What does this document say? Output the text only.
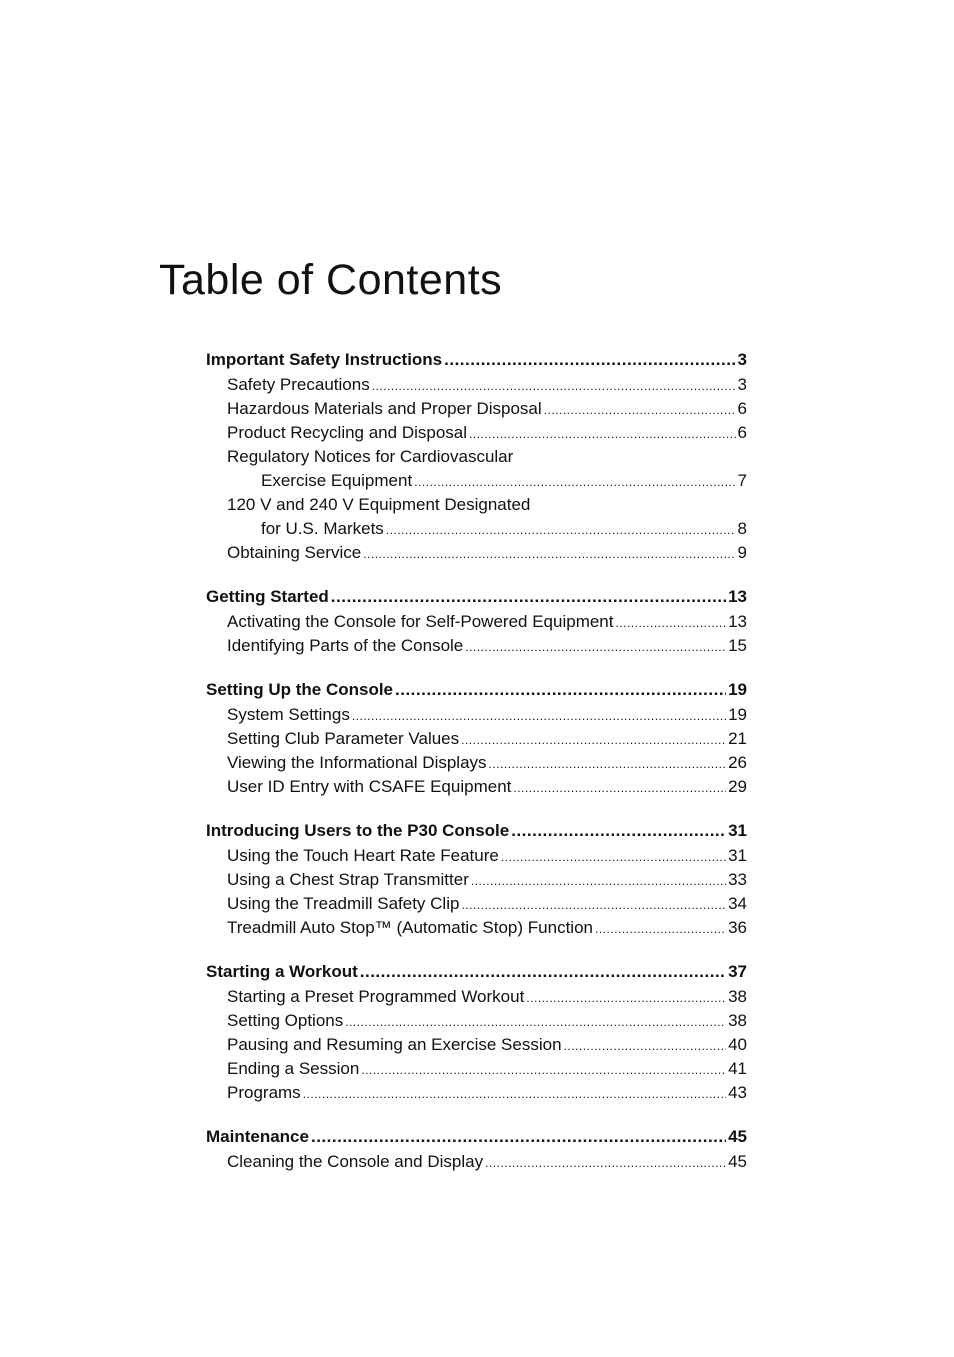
Table of Contents
Important Safety Instructions .....	3
Safety Precautions .....	3
Hazardous Materials and Proper Disposal .....	6
Product Recycling and Disposal .....	6
Regulatory Notices for Cardiovascular
Exercise Equipment .....	7
120 V and 240 V Equipment Designated
for U.S. Markets .....	8
Obtaining Service .....	9
Getting Started .....	13
Activating the Console for Self-Powered Equipment .....	13
Identifying Parts of the Console .....	15
Setting Up the Console .....	19
System Settings .....	19
Setting Club Parameter Values .....	21
Viewing the Informational Displays .....	26
User ID Entry with CSAFE Equipment .....	29
Introducing Users to the P30 Console .....	31
Using the Touch Heart Rate Feature .....	31
Using a Chest Strap Transmitter .....	33
Using the Treadmill Safety Clip .....	34
Treadmill Auto Stop™ (Automatic Stop) Function .....	36
Starting a Workout .....	37
Starting a Preset Programmed Workout .....	38
Setting Options .....	38
Pausing and Resuming an Exercise Session .....	40
Ending a Session .....	41
Programs .....	43
Maintenance .....	45
Cleaning the Console and Display .....	45
